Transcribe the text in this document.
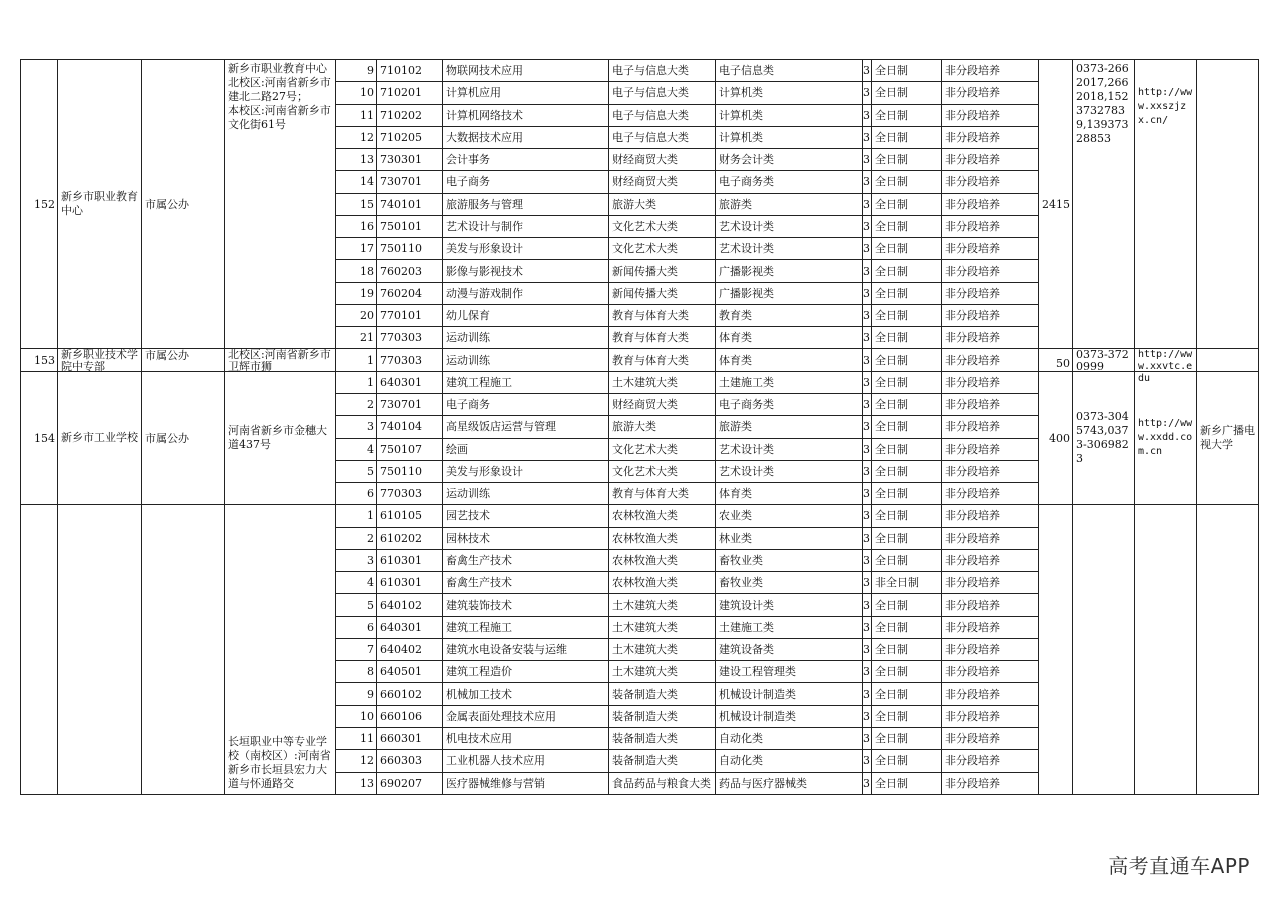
152	新乡市职业教育中心	市属公办	新乡市职业教育中心北校区:河南省新乡市建北二路27号；　　　　本校区:河南省新乡市文化街61号	9	710102	物联网技术应用	电子与信息大类	电子信息类	3	全日制	非分段培养	2415	0373-2662017,2662018,15237327839,13937328853	http://www.xxszjzx.cn/	

				10	710201	计算机应用	电子与信息大类	计算机类	3	全日制	非分段培养				
				11	710202	计算机网络技术	电子与信息大类	计算机类	3	全日制	非分段培养				
				12	710205	大数据技术应用	电子与信息大类	计算机类	3	全日制	非分段培养				
				13	730301	会计事务	财经商贸大类	财务会计类	3	全日制	非分段培养				
				14	730701	电子商务	财经商贸大类	电子商务类	3	全日制	非分段培养				
				15	740101	旅游服务与管理	旅游大类	旅游类	3	全日制	非分段培养				
				16	750101	艺术设计与制作	文化艺术大类	艺术设计类	3	全日制	非分段培养				
				17	750110	美发与形象设计	文化艺术大类	艺术设计类	3	全日制	非分段培养				
				18	760203	影像与影视技术	新闻传播大类	广播影视类	3	全日制	非分段培养				
				19	760204	动漫与游戏制作	新闻传播大类	广播影视类	3	全日制	非分段培养				
				20	770101	幼儿保育	教育与体育大类	教育类	3	全日制	非分段培养				
				21	770303	运动训练	教育与体育大类	体育类	3	全日制	非分段培养				
153	新乡职业技术学院中专部	市属公办	北校区:河南省新乡市卫辉市狮	1	770303	运动训练	教育与体育大类	体育类	3	全日制	非分段培养	50	0373-3720999	http://www.xxvtc.edu	

154	新乡市工业学校	市属公办	河南省新乡市金穗大道437号	1	640301	建筑工程施工	土木建筑大类	土建施工类	3	全日制	非分段培养	400	0373-3045743,0373-3069823	http://www.xxdd.com.cn	新乡广播电视大学
				2	730701	电子商务	财经商贸大类	电子商务类	3	全日制	非分段培养				
				3	740104	高星级饭店运营与管理	旅游大类	旅游类	3	全日制	非分段培养				
				4	750107	绘画	文化艺术大类	艺术设计类	3	全日制	非分段培养				
				5	750110	美发与形象设计	文化艺术大类	艺术设计类	3	全日制	非分段培养				
				6	770303	运动训练	教育与体育大类	体育类	3	全日制	非分段培养				

			长垣职业中等专业学校（南校区）:河南省新乡市长垣县宏力大道与怀通路交	1	610105	园艺技术	农林牧渔大类	农业类	3	全日制	非分段培养		

				2	610202	园林技术	农林牧渔大类	林业类	3	全日制	非分段培养				
				3	610301	畜禽生产技术	农林牧渔大类	畜牧业类	3	全日制	非分段培养				
				4	610301	畜禽生产技术	农林牧渔大类	畜牧业类	3	非全日制	非分段培养				
				5	640102	建筑装饰技术	土木建筑大类	建筑设计类	3	全日制	非分段培养				
				6	640301	建筑工程施工	土木建筑大类	土建施工类	3	全日制	非分段培养				
				7	640402	建筑水电设备安装与运维	土木建筑大类	建筑设备类	3	全日制	非分段培养				
				8	640501	建筑工程造价	土木建筑大类	建设工程管理类	3	全日制	非分段培养				
				9	660102	机械加工技术	装备制造大类	机械设计制造类	3	全日制	非分段培养				
				10	660106	金属表面处理技术应用	装备制造大类	机械设计制造类	3	全日制	非分段培养				
				11	660301	机电技术应用	装备制造大类	自动化类	3	全日制	非分段培养				
				12	660303	工业机器人技术应用	装备制造大类	自动化类	3	全日制	非分段培养				
				13	690207	医疗器械维修与营销	食品药品与粮食大类	药品与医疗器械类	3	全日制	非分段培养				
高考直通车APP
